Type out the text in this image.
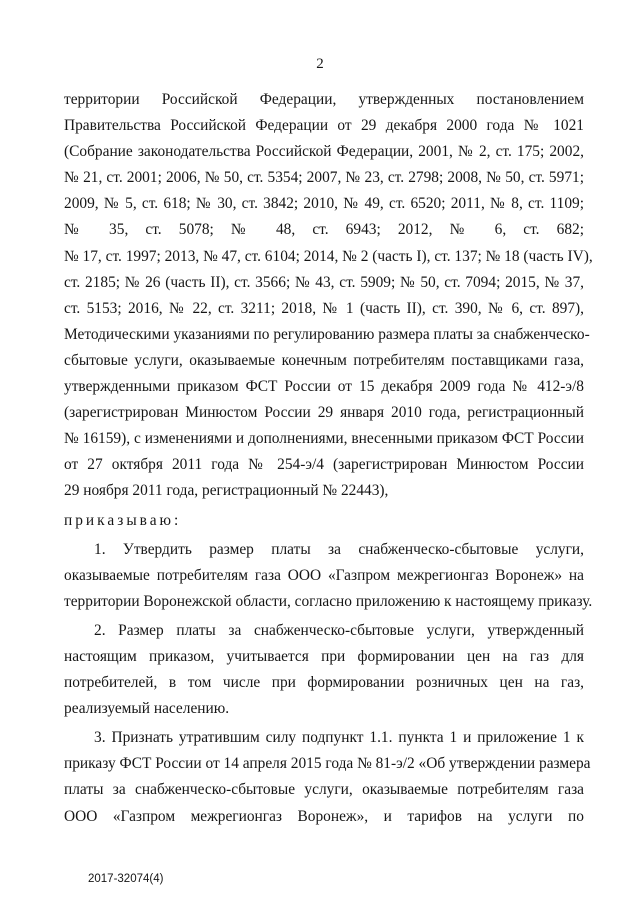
2
территории Российской Федерации, утвержденных постановлением
Правительства Российской Федерации от 29 декабря 2000 года № 1021
(Собрание законодательства Российской Федерации, 2001, № 2, ст. 175; 2002,
№ 21, ст. 2001; 2006, № 50, ст. 5354; 2007, № 23, ст. 2798; 2008, № 50, ст. 5971;
2009, № 5, ст. 618; № 30, ст. 3842; 2010, № 49, ст. 6520; 2011, № 8, ст. 1109;
№ 35, ст. 5078; № 48, ст. 6943; 2012, № 6, ст. 682;
№ 17, ст. 1997; 2013, № 47, ст. 6104; 2014, № 2 (часть I), ст. 137; № 18 (часть IV),
ст. 2185; № 26 (часть II), ст. 3566; № 43, ст. 5909; № 50, ст. 7094; 2015, № 37,
ст. 5153; 2016, № 22, ст. 3211; 2018, № 1 (часть II), ст. 390, № 6, ст. 897),
Методическими указаниями по регулированию размера платы за снабженческо-
сбытовые услуги, оказываемые конечным потребителям поставщиками газа,
утвержденными приказом ФСТ России от 15 декабря 2009 года № 412-э/8
(зарегистрирован Минюстом России 29 января 2010 года, регистрационный
№ 16159), с изменениями и дополнениями, внесенными приказом ФСТ России
от 27 октября 2011 года № 254-э/4 (зарегистрирован Минюстом России
29 ноября 2011 года, регистрационный № 22443),
приказываю:
1. Утвердить размер платы за снабженческо-сбытовые услуги,
оказываемые потребителям газа ООО «Газпром межрегионгаз Воронеж» на
территории Воронежской области, согласно приложению к настоящему приказу.
2. Размер платы за снабженческо-сбытовые услуги, утвержденный
настоящим приказом, учитывается при формировании цен на газ для
потребителей, в том числе при формировании розничных цен на газ,
реализуемый населению.
3. Признать утратившим силу подпункт 1.1. пункта 1 и приложение 1 к
приказу ФСТ России от 14 апреля 2015 года № 81-э/2 «Об утверждении размера
платы за снабженческо-сбытовые услуги, оказываемые потребителям газа
ООО «Газпром межрегионгаз Воронеж», и тарифов на услуги по
2017-32074(4)
